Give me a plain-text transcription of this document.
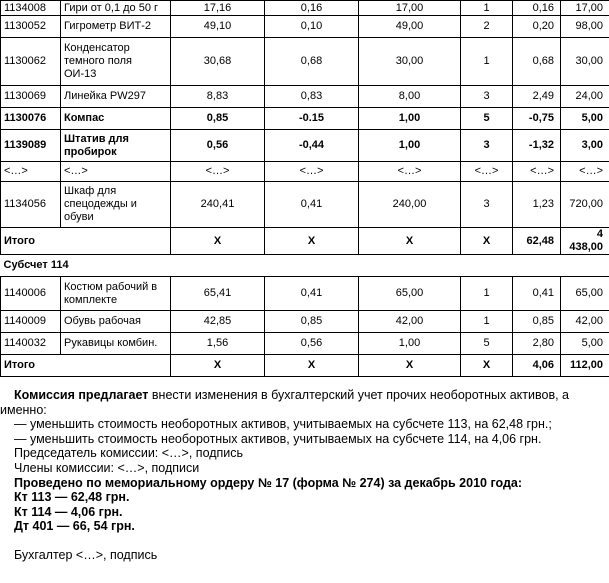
1134008	Гири от 0,1 до 50 г	17,16	0,16	17,00	1	0,16	17,00
1130052	Гигрометр ВИТ-2	49,10	0,10	49,00	2	0,20	98,00
1130062	Конденсатор темного поля ОИ-13	30,68	0,68	30,00	1	0,68	30,00
1130069	Линейка PW297	8,83	0,83	8,00	3	2,49	24,00
1130076	Компас	0,85	-0.15	1,00	5	-0,75	5,00
1139089	Штатив для пробирок	0,56	-0,44	1,00	3	-1,32	3,00
<…>	<…>	<…>	<…>	<…>	<…>	<…>	<…>
1134056	Шкаф для спецодежды и обуви	240,41	0,41	240,00	3	1,23	720,00
Итого		X	X	X	X	62,48	4 438,00
Субсчет 114							
1140006	Костюм рабочий в комплекте	65,41	0,41	65,00	1	0,41	65,00
1140009	Обувь рабочая	42,85	0,85	42,00	1	0,85	42,00
1140032	Рукавицы комбин.	1,56	0,56	1,00	5	2,80	5,00
Итого		X	X	X	X	4,06	112,00

Комиссия предлагает внести изменения в бухгалтерский учет прочих необоротных активов, а именно:

— уменьшить стоимость необоротных активов, учитываемых на субсчете 113, на 62,48 грн.;

— уменьшить стоимость необоротных активов, учитываемых на субсчете 114, на 4,06 грн.

Председатель комиссии: <…>, подпись

Члены комиссии: <…>, подписи

Проведено по мемориальному ордеру № 17 (форма № 274) за декабрь 2010 года:

Кт 113 — 62,48 грн.

Кт 114 — 4,06 грн.

Дт 401 — 66, 54 грн.

Бухгалтер <…>, подпись
